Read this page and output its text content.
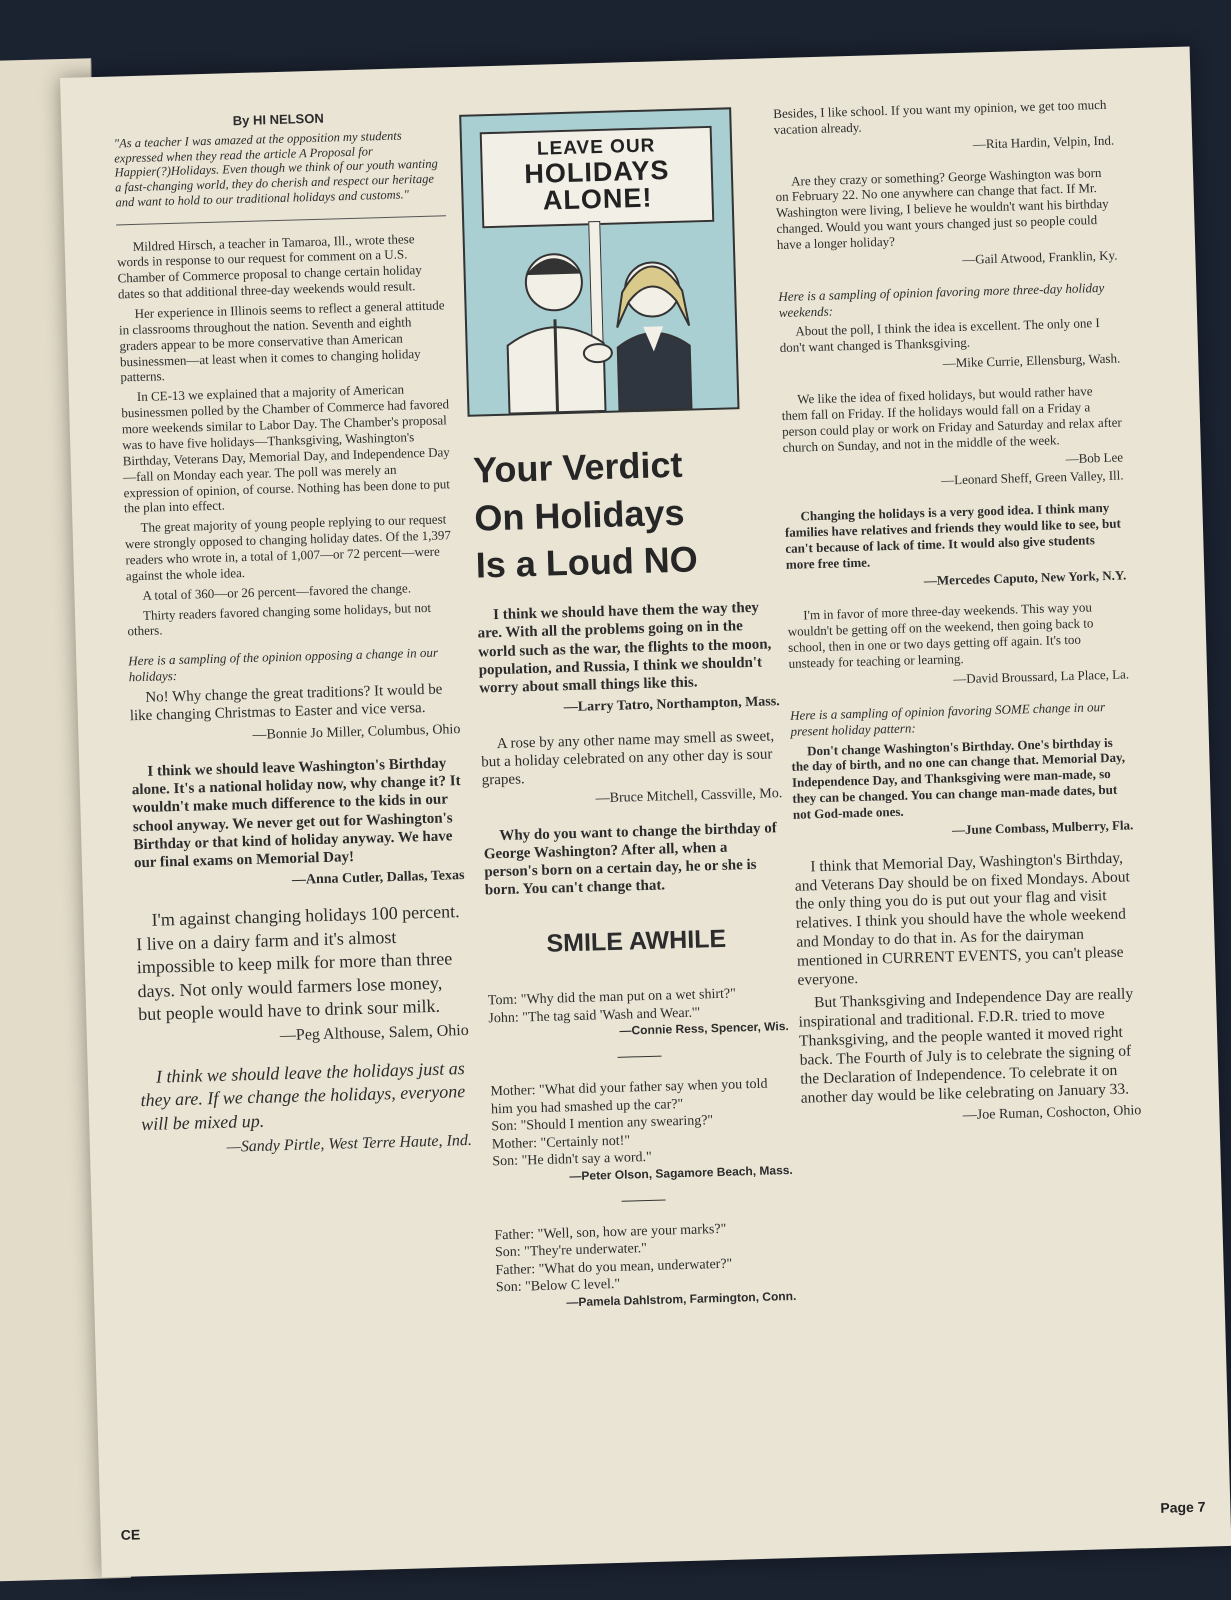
By HI NELSON

"As a teacher I was amazed at the opposition my students expressed when they read the article A Proposal for Happier(?)Holidays. Even though we think of our youth wanting a fast-changing world, they do cherish and respect our heritage and want to hold to our traditional holidays and customs."

Mildred Hirsch, a teacher in Tamaroa, Ill., wrote these words in response to our request for comment on a U.S. Chamber of Commerce proposal to change certain holiday dates so that additional three-day weekends would result.

Her experience in Illinois seems to reflect a general attitude in classrooms throughout the nation. Seventh and eighth graders appear to be more conservative than American businessmen—at least when it comes to changing holiday patterns.

In CE-13 we explained that a majority of American businessmen polled by the Chamber of Commerce had favored more weekends similar to Labor Day. The Chamber's proposal was to have five holidays—Thanksgiving, Washington's Birthday, Veterans Day, Memorial Day, and Independence Day—fall on Monday each year. The poll was merely an expression of opinion, of course. Nothing has been done to put the plan into effect.

The great majority of young people replying to our request were strongly opposed to changing holiday dates. Of the 1,397 readers who wrote in, a total of 1,007—or 72 percent—were against the whole idea.

A total of 360—or 26 percent—favored the change.

Thirty readers favored changing some holidays, but not others.

Here is a sampling of the opinion opposing a change in our holidays:

No! Why change the great traditions? It would be like changing Christmas to Easter and vice versa.

—Bonnie Jo Miller, Columbus, Ohio

I think we should leave Washington's Birthday alone. It's a national holiday now, why change it? It wouldn't make much difference to the kids in our school anyway. We never get out for Washington's Birthday or that kind of holiday anyway. We have our final exams on Memorial Day!

—Anna Cutler, Dallas, Texas

I'm against changing holidays 100 percent. I live on a dairy farm and it's almost impossible to keep milk for more than three days. Not only would farmers lose money, but people would have to drink sour milk.

—Peg Althouse, Salem, Ohio

I think we should leave the holidays just as they are. If we change the holidays, everyone will be mixed up.

—Sandy Pirtle, West Terre Haute, Ind.
LEAVE OUR
HOLIDAYS
ALONE!
Your Verdict
On Holidays
Is a Loud NO

I think we should have them the way they are. With all the problems going on in the world such as the war, the flights to the moon, population, and Russia, I think we shouldn't worry about small things like this.

—Larry Tatro, Northampton, Mass.

A rose by any other name may smell as sweet, but a holiday celebrated on any other day is sour grapes.

—Bruce Mitchell, Cassville, Mo.

Why do you want to change the birthday of George Washington? After all, when a person's born on a certain day, he or she is born. You can't change that.

SMILE AWHILE
Tom: "Why did the man put on a wet shirt?"
John: "The tag said 'Wash and Wear.'"
—Connie Ress, Spencer, Wis.
Mother: "What did your father say when you told him you had smashed up the car?"
Son: "Should I mention any swearing?"
Mother: "Certainly not!"
Son: "He didn't say a word."
—Peter Olson, Sagamore Beach, Mass.
Father: "Well, son, how are your marks?"
Son: "They're underwater."
Father: "What do you mean, underwater?"
Son: "Below C level."
—Pamela Dahlstrom, Farmington, Conn.

Besides, I like school. If you want my opinion, we get too much vacation already.

—Rita Hardin, Velpin, Ind.

Are they crazy or something? George Washington was born on February 22. No one anywhere can change that fact. If Mr. Washington were living, I believe he wouldn't want his birthday changed. Would you want yours changed just so people could have a longer holiday?

—Gail Atwood, Franklin, Ky.

Here is a sampling of opinion favoring more three-day holiday weekends:

About the poll, I think the idea is excellent. The only one I don't want changed is Thanksgiving.

—Mike Currie, Ellensburg, Wash.

We like the idea of fixed holidays, but would rather have them fall on Friday. If the holidays would fall on a Friday a person could play or work on Friday and Saturday and relax after church on Sunday, and not in the middle of the week.

—Bob Lee
—Leonard Sheff, Green Valley, Ill.

Changing the holidays is a very good idea. I think many families have relatives and friends they would like to see, but can't because of lack of time. It would also give students more free time.

—Mercedes Caputo, New York, N.Y.

I'm in favor of more three-day weekends. This way you wouldn't be getting off on the weekend, then going back to school, then in one or two days getting off again. It's too unsteady for teaching or learning.

—David Broussard, La Place, La.

Here is a sampling of opinion favoring SOME change in our present holiday pattern:

Don't change Washington's Birthday. One's birthday is the day of birth, and no one can change that. Memorial Day, Independence Day, and Thanksgiving were man-made, so they can be changed. You can change man-made dates, but not God-made ones.

—June Combass, Mulberry, Fla.

I think that Memorial Day, Washington's Birthday, and Veterans Day should be on fixed Mondays. About the only thing you do is put out your flag and visit relatives. I think you should have the whole weekend and Monday to do that in. As for the dairyman mentioned in CURRENT EVENTS, you can't please everyone.

But Thanksgiving and Independence Day are really inspirational and traditional. F.D.R. tried to move Thanksgiving, and the people wanted it moved right back. The Fourth of July is to celebrate the signing of the Declaration of Independence. To celebrate it on another day would be like celebrating on January 33.

—Joe Ruman, Coshocton, Ohio
CE
Page 7
